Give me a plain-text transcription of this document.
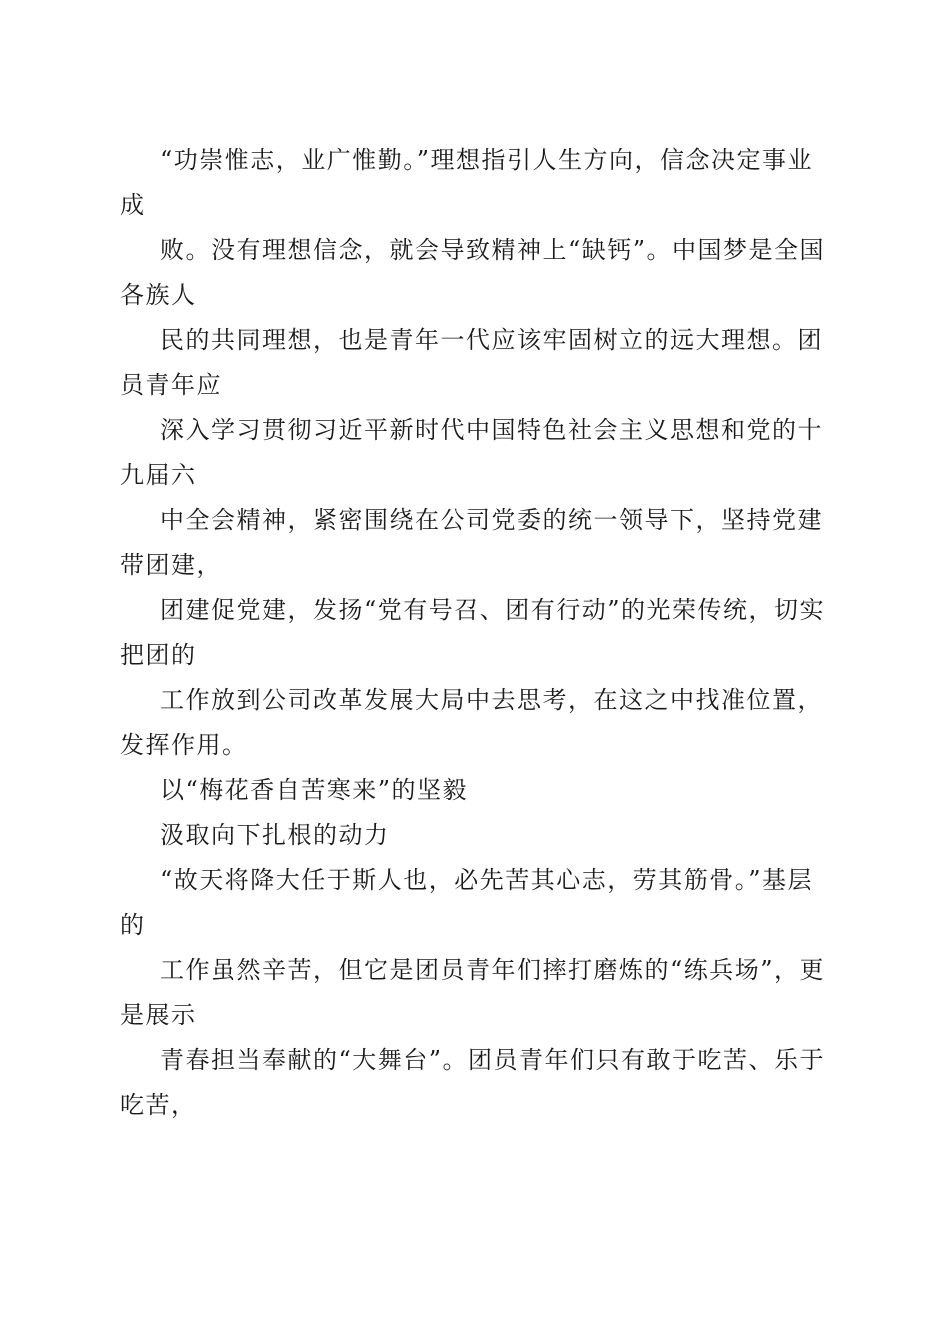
“功崇惟志，业广惟勤。”理想指引人生方向，信念决定事业成

败。没有理想信念，就会导致精神上“缺钙”。中国梦是全国各族人

民的共同理想，也是青年一代应该牢固树立的远大理想。团员青年应

深入学习贯彻习近平新时代中国特色社会主义思想和党的十九届六

中全会精神，紧密围绕在公司党委的统一领导下，坚持党建带团建，

团建促党建，发扬“党有号召、团有行动”的光荣传统，切实把团的

工作放到公司改革发展大局中去思考，在这之中找准位置，发挥作用。

以“梅花香自苦寒来”的坚毅

汲取向下扎根的动力

“故天将降大任于斯人也，必先苦其心志，劳其筋骨。”基层的

工作虽然辛苦，但它是团员青年们摔打磨炼的“练兵场”，更是展示

青春担当奉献的“大舞台”。团员青年们只有敢于吃苦、乐于吃苦，
